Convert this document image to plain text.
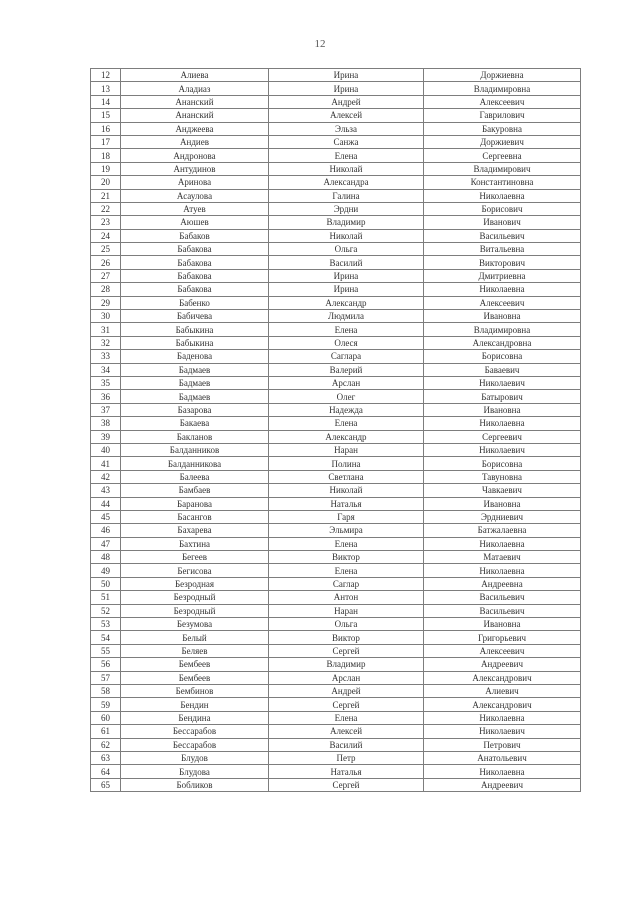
12
12	Алиева	Ирина	Доржиевна
13	Аладиаз	Ирина	Владимировна
14	Ананский	Андрей	Алексеевич
15	Ананский	Алексей	Гаврилович
16	Анджеева	Эльза	Бакуровна
17	Андиев	Санжа	Доржиевич
18	Андронова	Елена	Сергеевна
19	Антудинов	Николай	Владимирович
20	Аринова	Александра	Константиновна
21	Асаулова	Галина	Николаевна
22	Атуев	Эрдни	Борисович
23	Аюшев	Владимир	Иванович
24	Бабаков	Николай	Васильевич
25	Бабакова	Ольга	Витальевна
26	Бабакова	Василий	Викторович
27	Бабакова	Ирина	Дмитриевна
28	Бабакова	Ирина	Николаевна
29	Бабенко	Александр	Алексеевич
30	Бабичева	Людмила	Ивановна
31	Бабыкина	Елена	Владимировна
32	Бабыкина	Олеся	Александровна
33	Баденова	Саглара	Борисовна
34	Бадмаев	Валерий	Баваевич
35	Бадмаев	Арслан	Николаевич
36	Бадмаев	Олег	Батырович
37	Базарова	Надежда	Ивановна
38	Бакаева	Елена	Николаевна
39	Бакланов	Александр	Сергеевич
40	Балданников	Наран	Николаевич
41	Балданникова	Полина	Борисовна
42	Балеева	Светлана	Тавуновна
43	Бамбаев	Николай	Чавкаевич
44	Баранова	Наталья	Ивановна
45	Басангов	Гаря	Эрдниевич
46	Бахарева	Эльмира	Батжалаевна
47	Бахтина	Елена	Николаевна
48	Бегеев	Виктор	Матаевич
49	Бегисова	Елена	Николаевна
50	Безродная	Саглар	Андреевна
51	Безродный	Антон	Васильевич
52	Безродный	Наран	Васильевич
53	Безумова	Ольга	Ивановна
54	Белый	Виктор	Григорьевич
55	Беляев	Сергей	Алексеевич
56	Бембеев	Владимир	Андреевич
57	Бембеев	Арслан	Александрович
58	Бембинов	Андрей	Алиевич
59	Бендин	Сергей	Александрович
60	Бендина	Елена	Николаевна
61	Бессарабов	Алексей	Николаевич
62	Бессарабов	Василий	Петрович
63	Блудов	Петр	Анатольевич
64	Блудова	Наталья	Николаевна
65	Бобликов	Сергей	Андреевич
